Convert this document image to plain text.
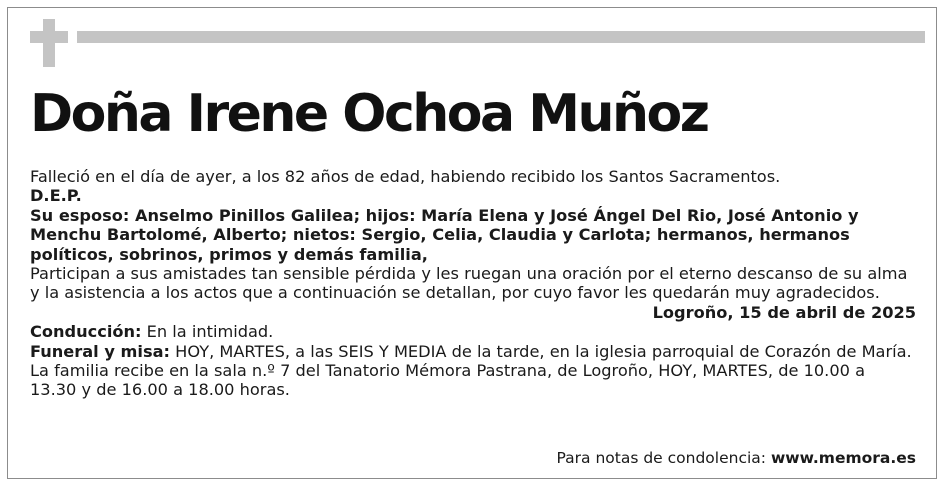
Doña Irene Ochoa Muñoz

Falleció en el día de ayer, a los 82 años de edad, habiendo recibido los Santos Sacramentos.

D.E.P.

Su esposo: Anselmo Pinillos Galilea; hijos: María Elena y José Ángel Del Rio, José Antonio y Menchu Bartolomé, Alberto; nietos: Sergio, Celia, Claudia y Carlota; hermanos, hermanos políticos, sobrinos, primos y demás familia,

Participan a sus amistades tan sensible pérdida y les ruegan una oración por el eterno descanso de su alma y la asistencia a los actos que a continuación se detallan, por cuyo favor les quedarán muy agradecidos.

Logroño, 15 de abril de 2025

Conducción: En la intimidad.

Funeral y misa: HOY, MARTES, a las SEIS Y MEDIA de la tarde, en la iglesia parroquial de Corazón de María.

La familia recibe en la sala n.º 7 del Tanatorio Mémora Pastrana, de Logroño, HOY, MARTES, de 10.00 a 13.30 y de 16.00 a 18.00 horas.

Para notas de condolencia: www.memora.es
